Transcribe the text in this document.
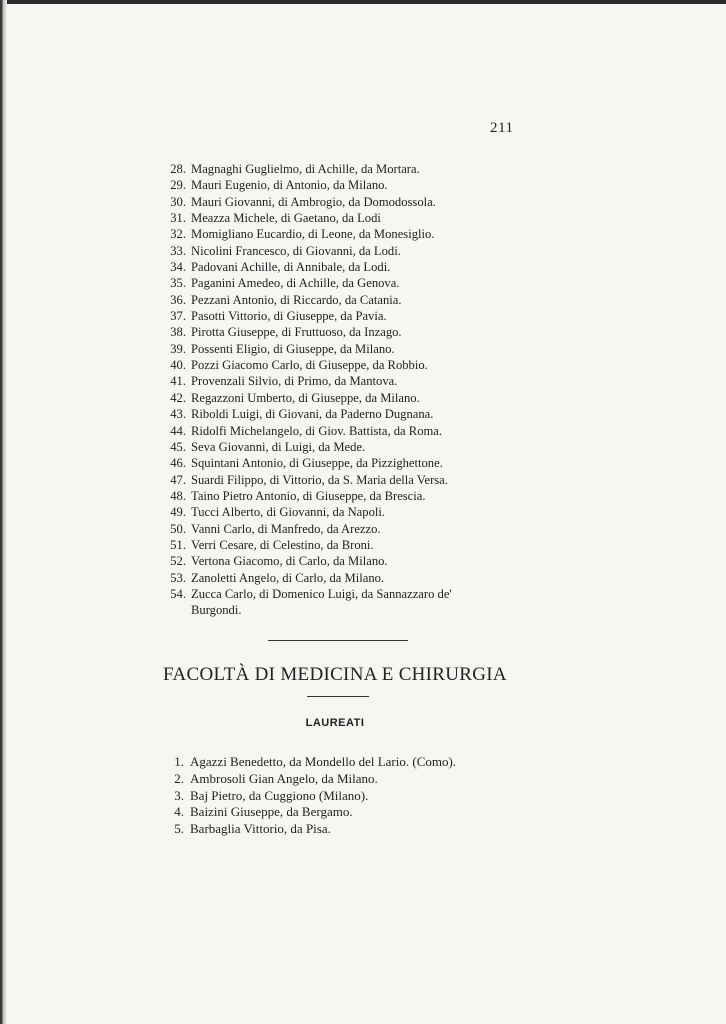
211
28. Magnaghi Guglielmo, di Achille, da Mortara.
29. Mauri Eugenio, di Antonio, da Milano.
30. Mauri Giovanni, di Ambrogio, da Domodossola.
31. Meazza Michele, di Gaetano, da Lodi
32. Momigliano Eucardio, di Leone, da Monesiglio.
33. Nicolini Francesco, di Giovanni, da Lodi.
34. Padovani Achille, di Annibale, da Lodi.
35. Paganini Amedeo, di Achille, da Genova.
36. Pezzani Antonio, di Riccardo, da Catania.
37. Pasotti Vittorio, di Giuseppe, da Pavia.
38. Pirotta Giuseppe, di Fruttuoso, da Inzago.
39. Possenti Eligio, di Giuseppe, da Milano.
40. Pozzi Giacomo Carlo, di Giuseppe, da Robbio.
41. Provenzali Silvio, di Primo, da Mantova.
42. Regazzoni Umberto, di Giuseppe, da Milano.
43. Riboldi Luigi, di Giovani, da Paderno Dugnana.
44. Ridolfi Michelangelo, di Giov. Battista, da Roma.
45. Seva Giovanni, di Luigi, da Mede.
46. Squintani Antonio, di Giuseppe, da Pizzighettone.
47. Suardi Filippo, di Vittorio, da S. Maria della Versa.
48. Taino Pietro Antonio, di Giuseppe, da Brescia.
49. Tucci Alberto, di Giovanni, da Napoli.
50. Vanni Carlo, di Manfredo, da Arezzo.
51. Verri Cesare, di Celestino, da Broni.
52. Vertona Giacomo, di Carlo, da Milano.
53. Zanoletti Angelo, di Carlo, da Milano.
54. Zucca Carlo, di Domenico Luigi, da Sannazzaro de'
Burgondi.
FACOLTÀ DI MEDICINA E CHIRURGIA
LAUREATI
1. Agazzi Benedetto, da Mondello del Lario. (Como).
2. Ambrosoli Gian Angelo, da Milano.
3. Baj Pietro, da Cuggiono (Milano).
4. Baizini Giuseppe, da Bergamo.
5. Barbaglia Vittorio, da Pisa.
